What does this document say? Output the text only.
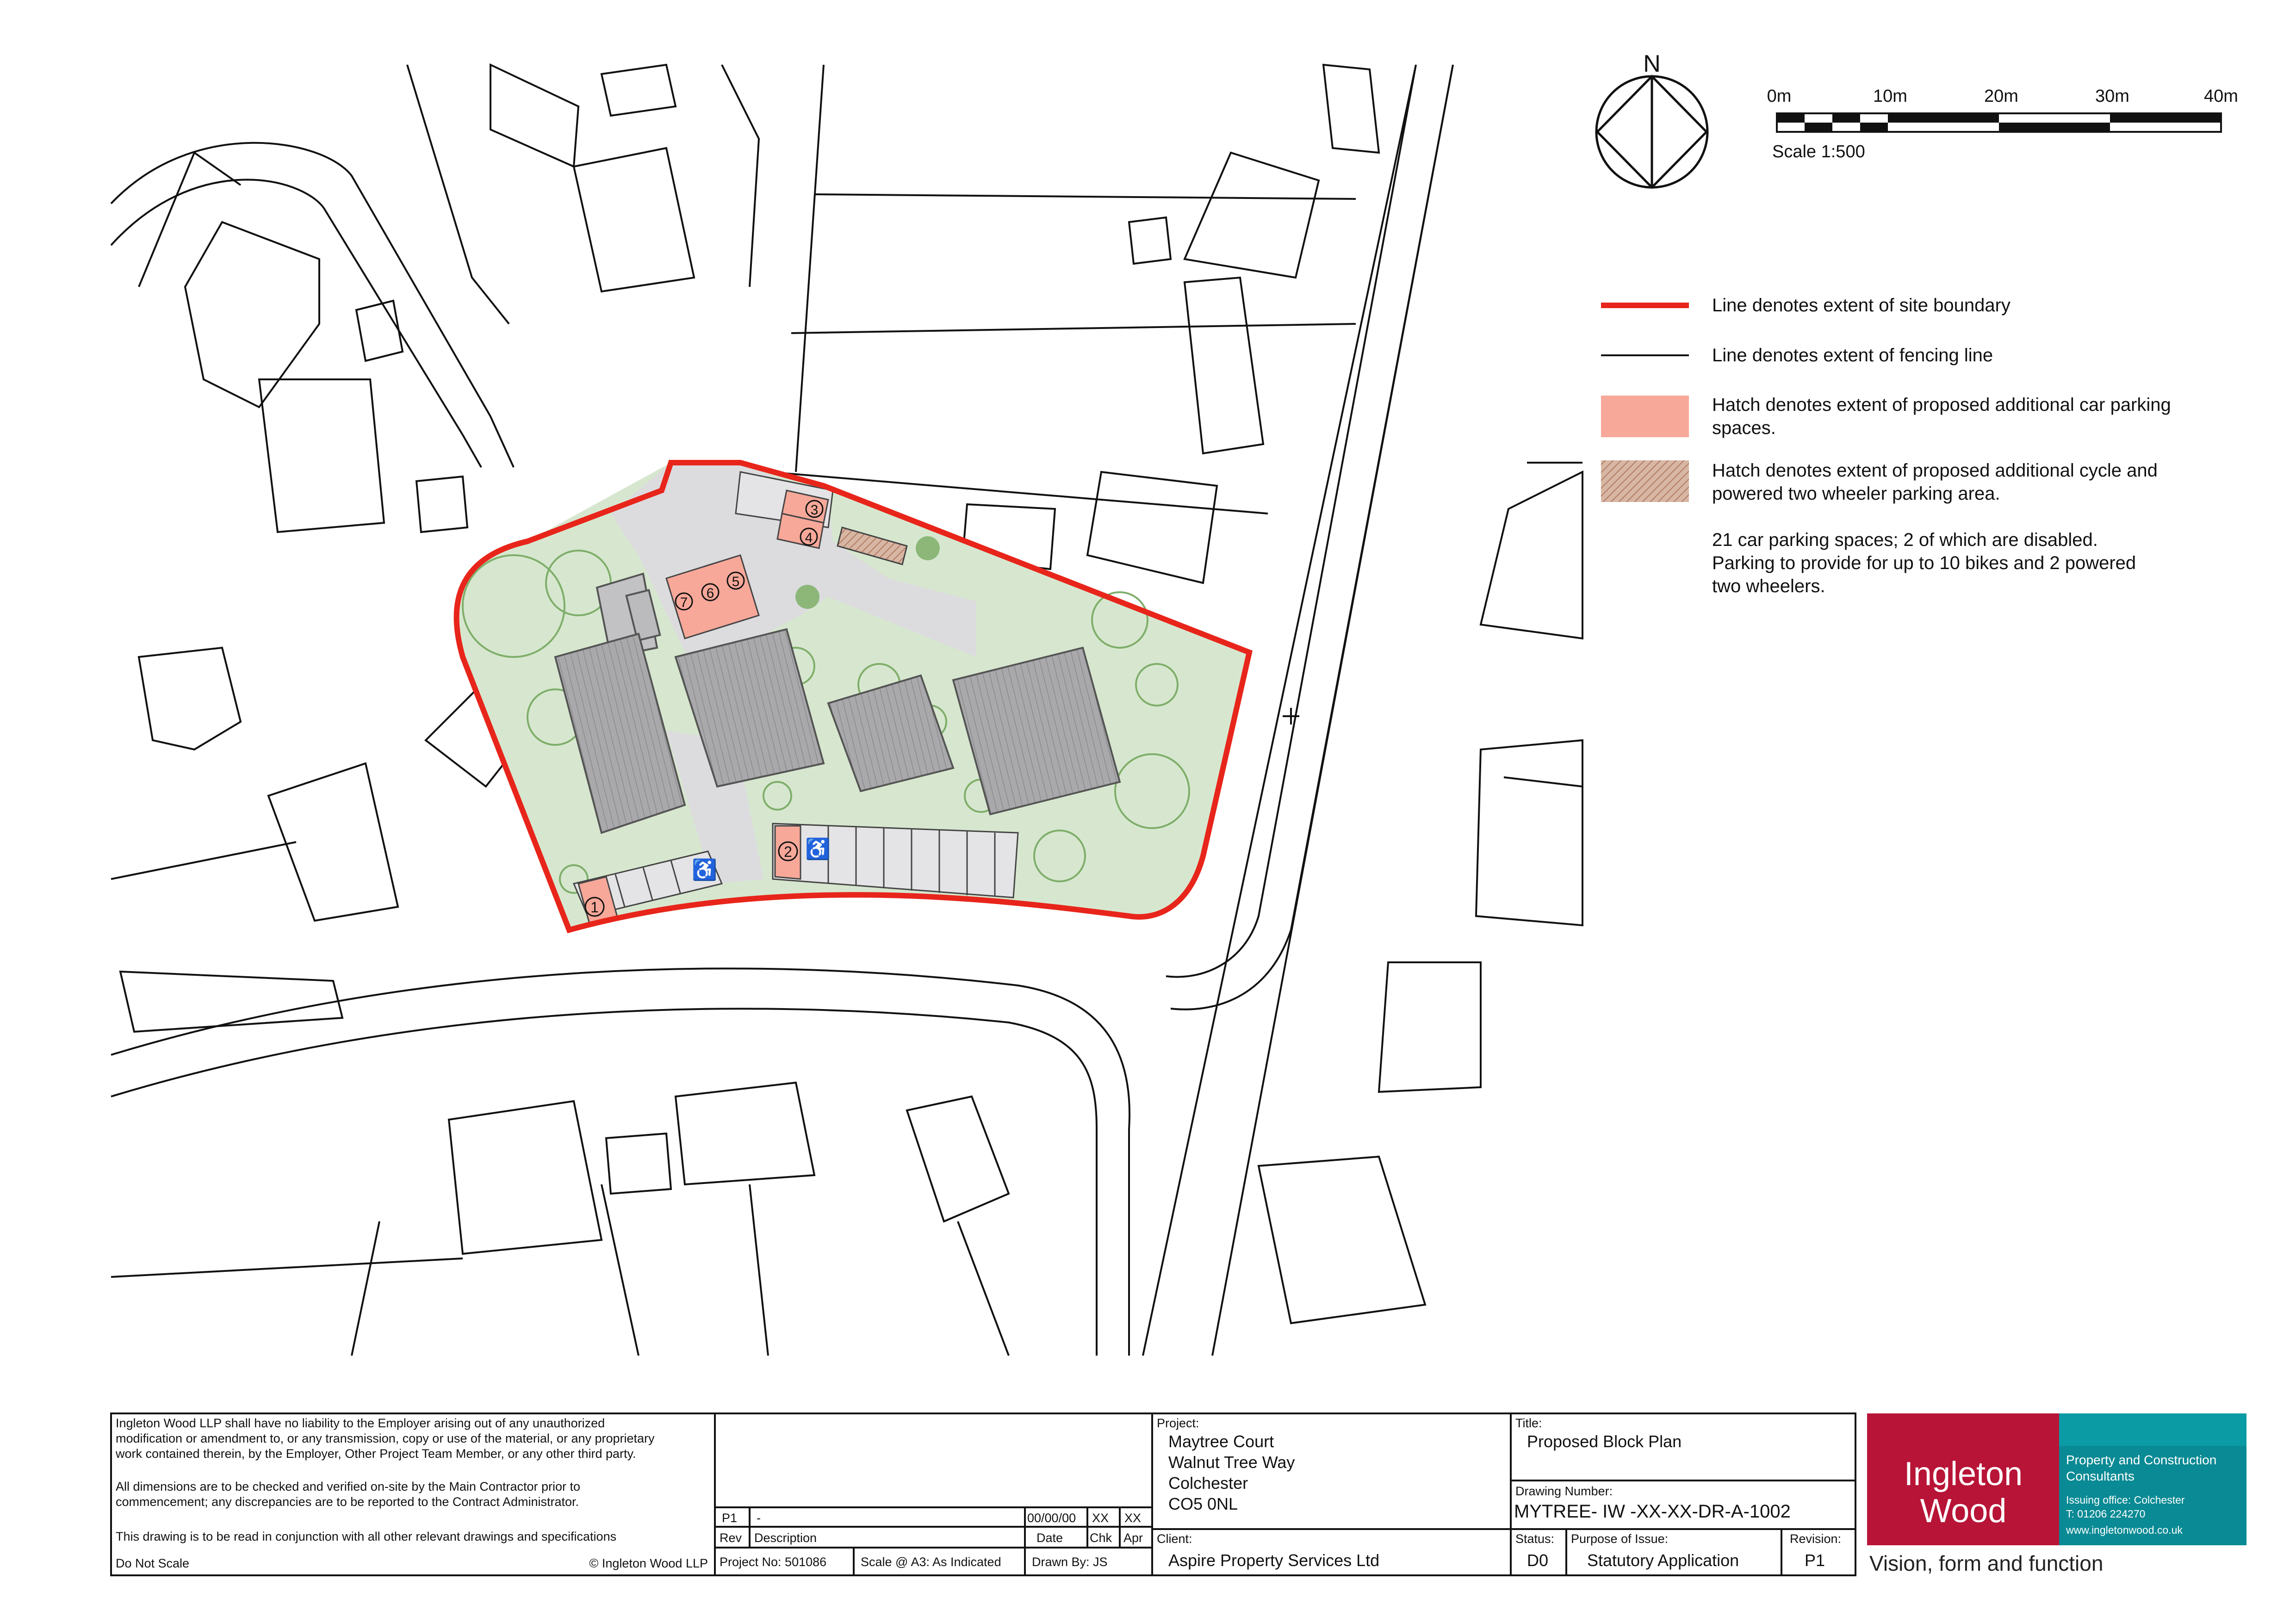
1
2
3
4
5
6
7
♿
♿
N
0m	10m	20m	30m	40m
Scale 1:500
Line denotes extent of site boundary
Line denotes extent of fencing line
Hatch denotes extent of proposed additional car parking
spaces.
Hatch denotes extent of proposed additional cycle and
powered two wheeler parking area.
21 car parking spaces; 2 of which are disabled.
Parking to provide for up to 10 bikes and 2 powered
two wheelers.
Ingleton Wood LLP shall have no liability to the Employer arising out of any unauthorized
modification or amendment to, or any transmission, copy or use of the material, or any proprietary
work contained therein, by the Employer, Other Project Team Member, or any other third party.
All dimensions are to be checked and verified on-site by the Main Contractor prior to
commencement; any discrepancies are to be reported to the Contract Administrator.
This drawing is to be read in conjunction with all other relevant drawings and specifications
Do Not Scale	© Ingleton Wood LLP
P1 -	00/00/00 XX XX
Rev Description	Date Chk Apr
Project No: 501086	Scale @ A3: As Indicated Drawn By: JS
Project:
Maytree Court
Walnut Tree Way
Colchester
CO5 0NL
Client:
Aspire Property Services Ltd
Title:
Proposed Block Plan
Drawing Number:
MYTREE- IW -XX-XX-DR-A-1002
Status:
D0
Purpose of Issue:
Statutory Application
Revision:
P1
Ingleton
Wood
Property and Construction
Consultants
Issuing office: Colchester
T: 01206 224270
www.ingletonwood.co.uk
Vision, form and function
